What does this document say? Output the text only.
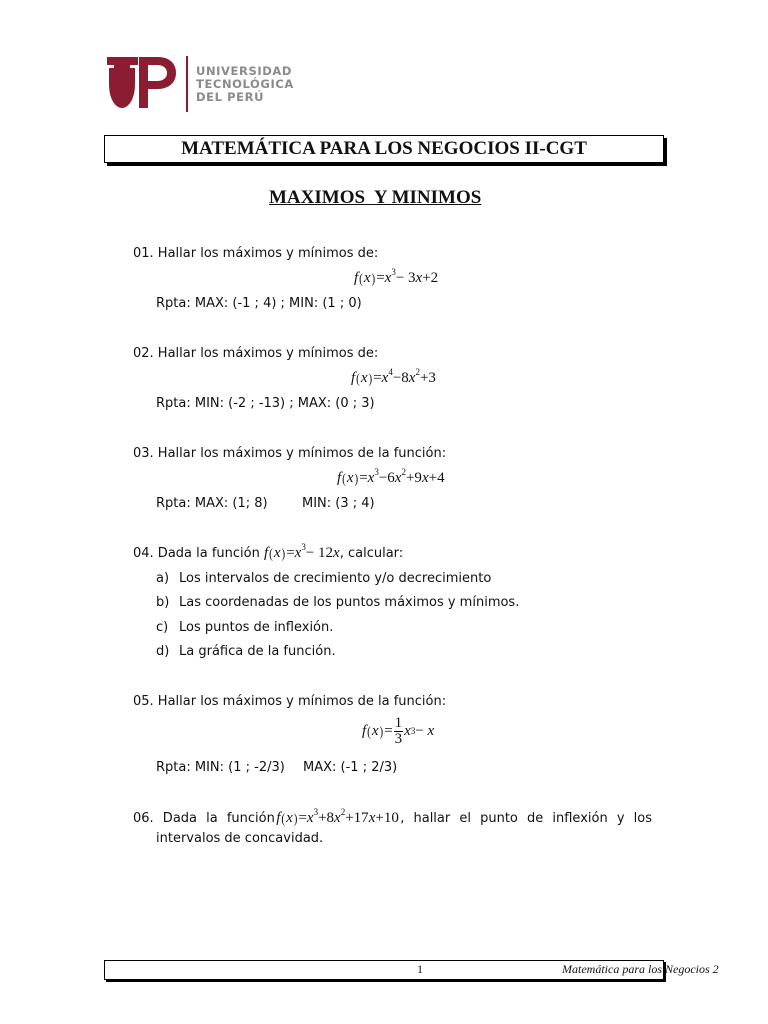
UNIVERSIDAD
TECNOLÓGICA
DEL PERÚ
MATEMÁTICA PARA LOS NEGOCIOS II-CGT
MAXIMOS  Y MINIMOS
01. Hallar los máximos y mínimos de:
$f(x)=x^3- 3x+2$
Rpta: MAX: (-1 ; 4) ; MIN: (1 ; 0)
02. Hallar los máximos y mínimos de:
$f(x)=x^4-8x^2+3$
Rpta: MIN: (-2 ; -13) ; MAX: (0 ; 3)
03. Hallar los máximos y mínimos de la función:
$f(x)=x^3-6x^2+9x+4$
Rpta: MAX: (1; 8)	MIN: (3 ; 4)
04. Dada la función $f(x)=x^3- 12x$, calcular:
a) Los intervalos de crecimiento y/o decrecimiento
b) Las coordenadas de los puntos máximos y mínimos.
c) Los puntos de inflexión.
d) La gráfica de la función.
05. Hallar los máximos y mínimos de la función:
f ( x ) = $\frac{1}{3} x^3 - x$
Rpta: MIN: (1 ; -2/3) MAX: (-1 ; 2/3)
06. Dada la función $f(x)=x^3+8x^2+17x+10$ , hallar el punto de inflexión y los
intervalos de concavidad.
1	Matemática para los Negocios 2
